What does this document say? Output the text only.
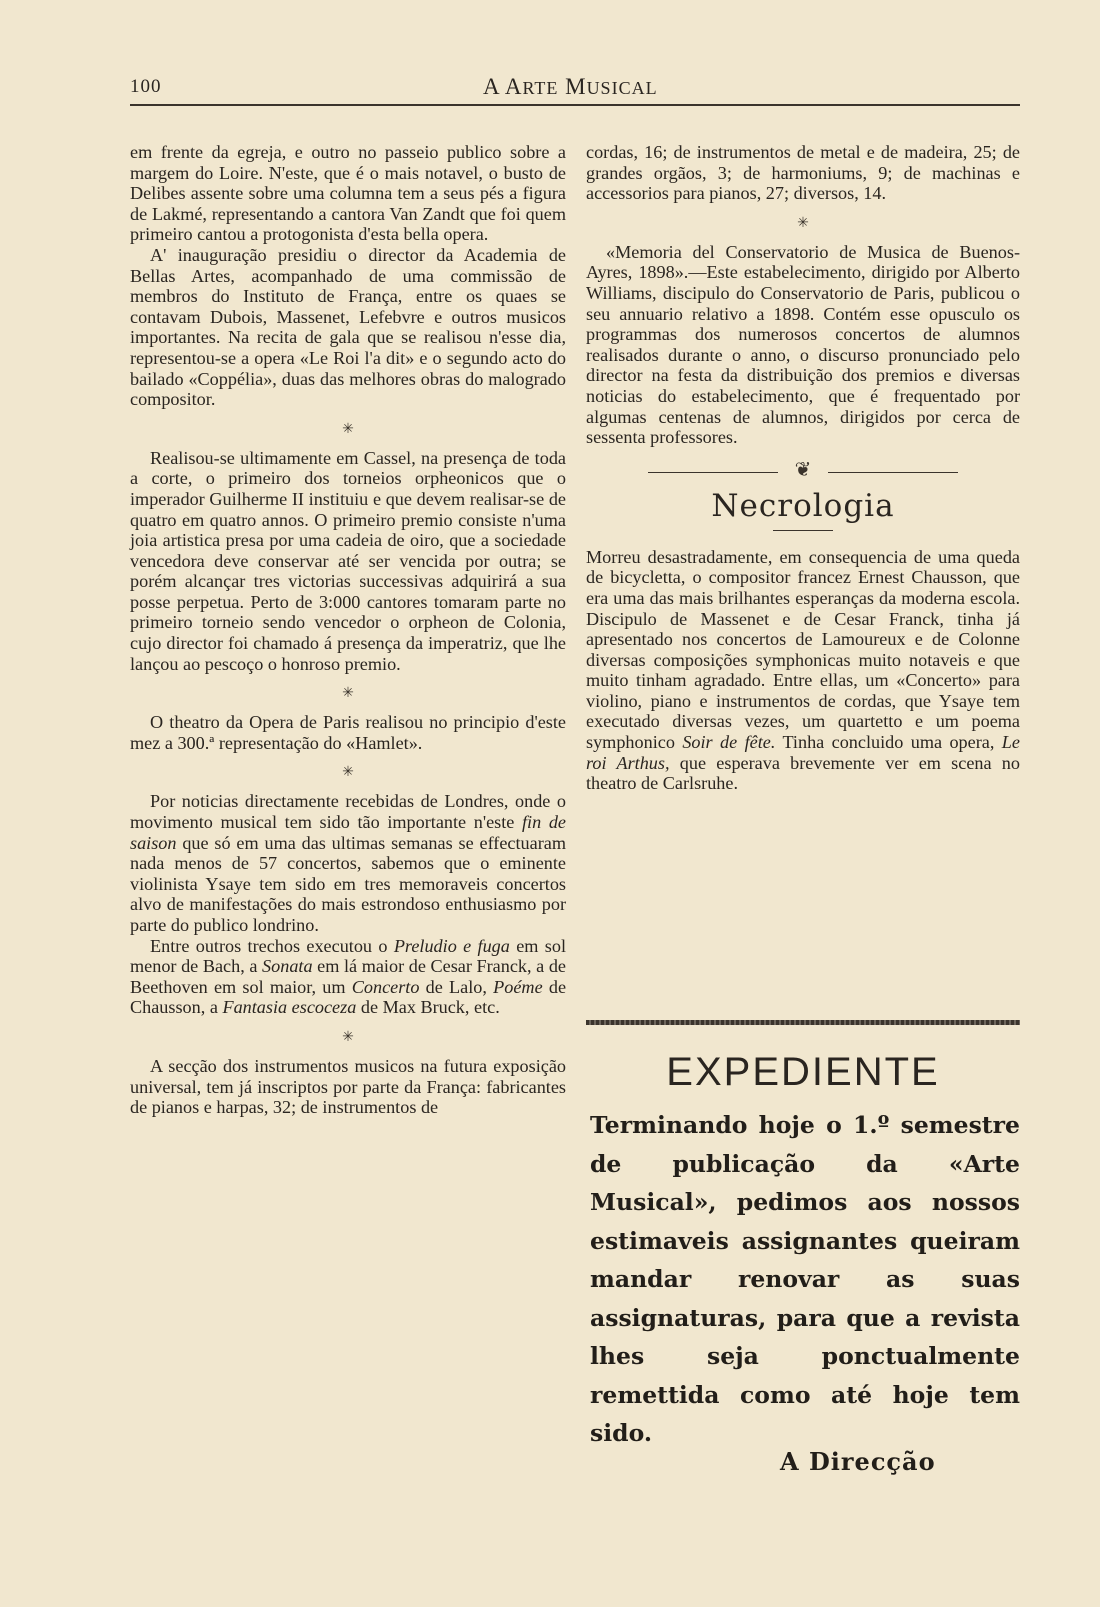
100	A ARTE MUSICAL

em frente da egreja, e outro no passeio publico sobre a margem do Loire. N'este, que é o mais notavel, o busto de Delibes assente sobre uma columna tem a seus pés a figura de Lakmé, representando a cantora Van Zandt que foi quem primeiro cantou a protogonista d'esta bella opera.

A' inauguração presidiu o director da Academia de Bellas Artes, acompanhado de uma commissão de membros do Instituto de França, entre os quaes se contavam Dubois, Massenet, Lefebvre e outros musicos importantes. Na recita de gala que se realisou n'esse dia, representou-se a opera «Le Roi l'a dit» e o segundo acto do bailado «Coppélia», duas das melhores obras do malogrado compositor.

✳

Realisou-se ultimamente em Cassel, na presença de toda a corte, o primeiro dos torneios orpheonicos que o imperador Guilherme II instituiu e que devem realisar-se de quatro em quatro annos. O primeiro premio consiste n'uma joia artistica presa por uma cadeia de oiro, que a sociedade vencedora deve conservar até ser vencida por outra; se porém alcançar tres victorias successivas adquirirá a sua posse perpetua. Perto de 3:000 cantores tomaram parte no primeiro torneio sendo vencedor o orpheon de Colonia, cujo director foi chamado á presença da imperatriz, que lhe lançou ao pescoço o honroso premio.

✳

O theatro da Opera de Paris realisou no principio d'este mez a 300.ª representação do «Hamlet».

✳

Por noticias directamente recebidas de Londres, onde o movimento musical tem sido tão importante n'este fin de saison que só em uma das ultimas semanas se effectuaram nada menos de 57 concertos, sabemos que o eminente violinista Ysaye tem sido em tres memoraveis concertos alvo de manifestações do mais estrondoso enthusiasmo por parte do publico londrino.

Entre outros trechos executou o Preludio e fuga em sol menor de Bach, a Sonata em lá maior de Cesar Franck, a de Beethoven em sol maior, um Concerto de Lalo, Poéme de Chausson, a Fantasia escoceza de Max Bruck, etc.

✳

A secção dos instrumentos musicos na futura exposição universal, tem já inscriptos por parte da França: fabricantes de pianos e harpas, 32; de instrumentos de

cordas, 16; de instrumentos de metal e de madeira, 25; de grandes orgãos, 3; de harmoniums, 9; de machinas e accessorios para pianos, 27; diversos, 14.

✳

«Memoria del Conservatorio de Musica de Buenos-Ayres, 1898».—Este estabelecimento, dirigido por Alberto Williams, discipulo do Conservatorio de Paris, publicou o seu annuario relativo a 1898. Contém esse opusculo os programmas dos numerosos concertos de alumnos realisados durante o anno, o discurso pronunciado pelo director na festa da distribuição dos premios e diversas noticias do estabelecimento, que é frequentado por algumas centenas de alumnos, dirigidos por cerca de sessenta professores.

❦
Necrologia

Morreu desastradamente, em consequencia de uma queda de bicycletta, o compositor francez Ernest Chausson, que era uma das mais brilhantes esperanças da moderna escola. Discipulo de Massenet e de Cesar Franck, tinha já apresentado nos concertos de Lamoureux e de Colonne diversas composições symphonicas muito notaveis e que muito tinham agradado. Entre ellas, um «Concerto» para violino, piano e instrumentos de cordas, que Ysaye tem executado diversas vezes, um quartetto e um poema symphonico Soir de fête. Tinha concluido uma opera, Le roi Arthus, que esperava brevemente ver em scena no theatro de Carlsruhe.

EXPEDIENTE
Terminando hoje o 1.º semestre de publicação da «Arte Musical», pedimos aos nossos estimaveis assignantes queiram mandar renovar as suas assignaturas, para que a revista lhes seja ponctualmente remettida como até hoje tem sido.
A Direcção
